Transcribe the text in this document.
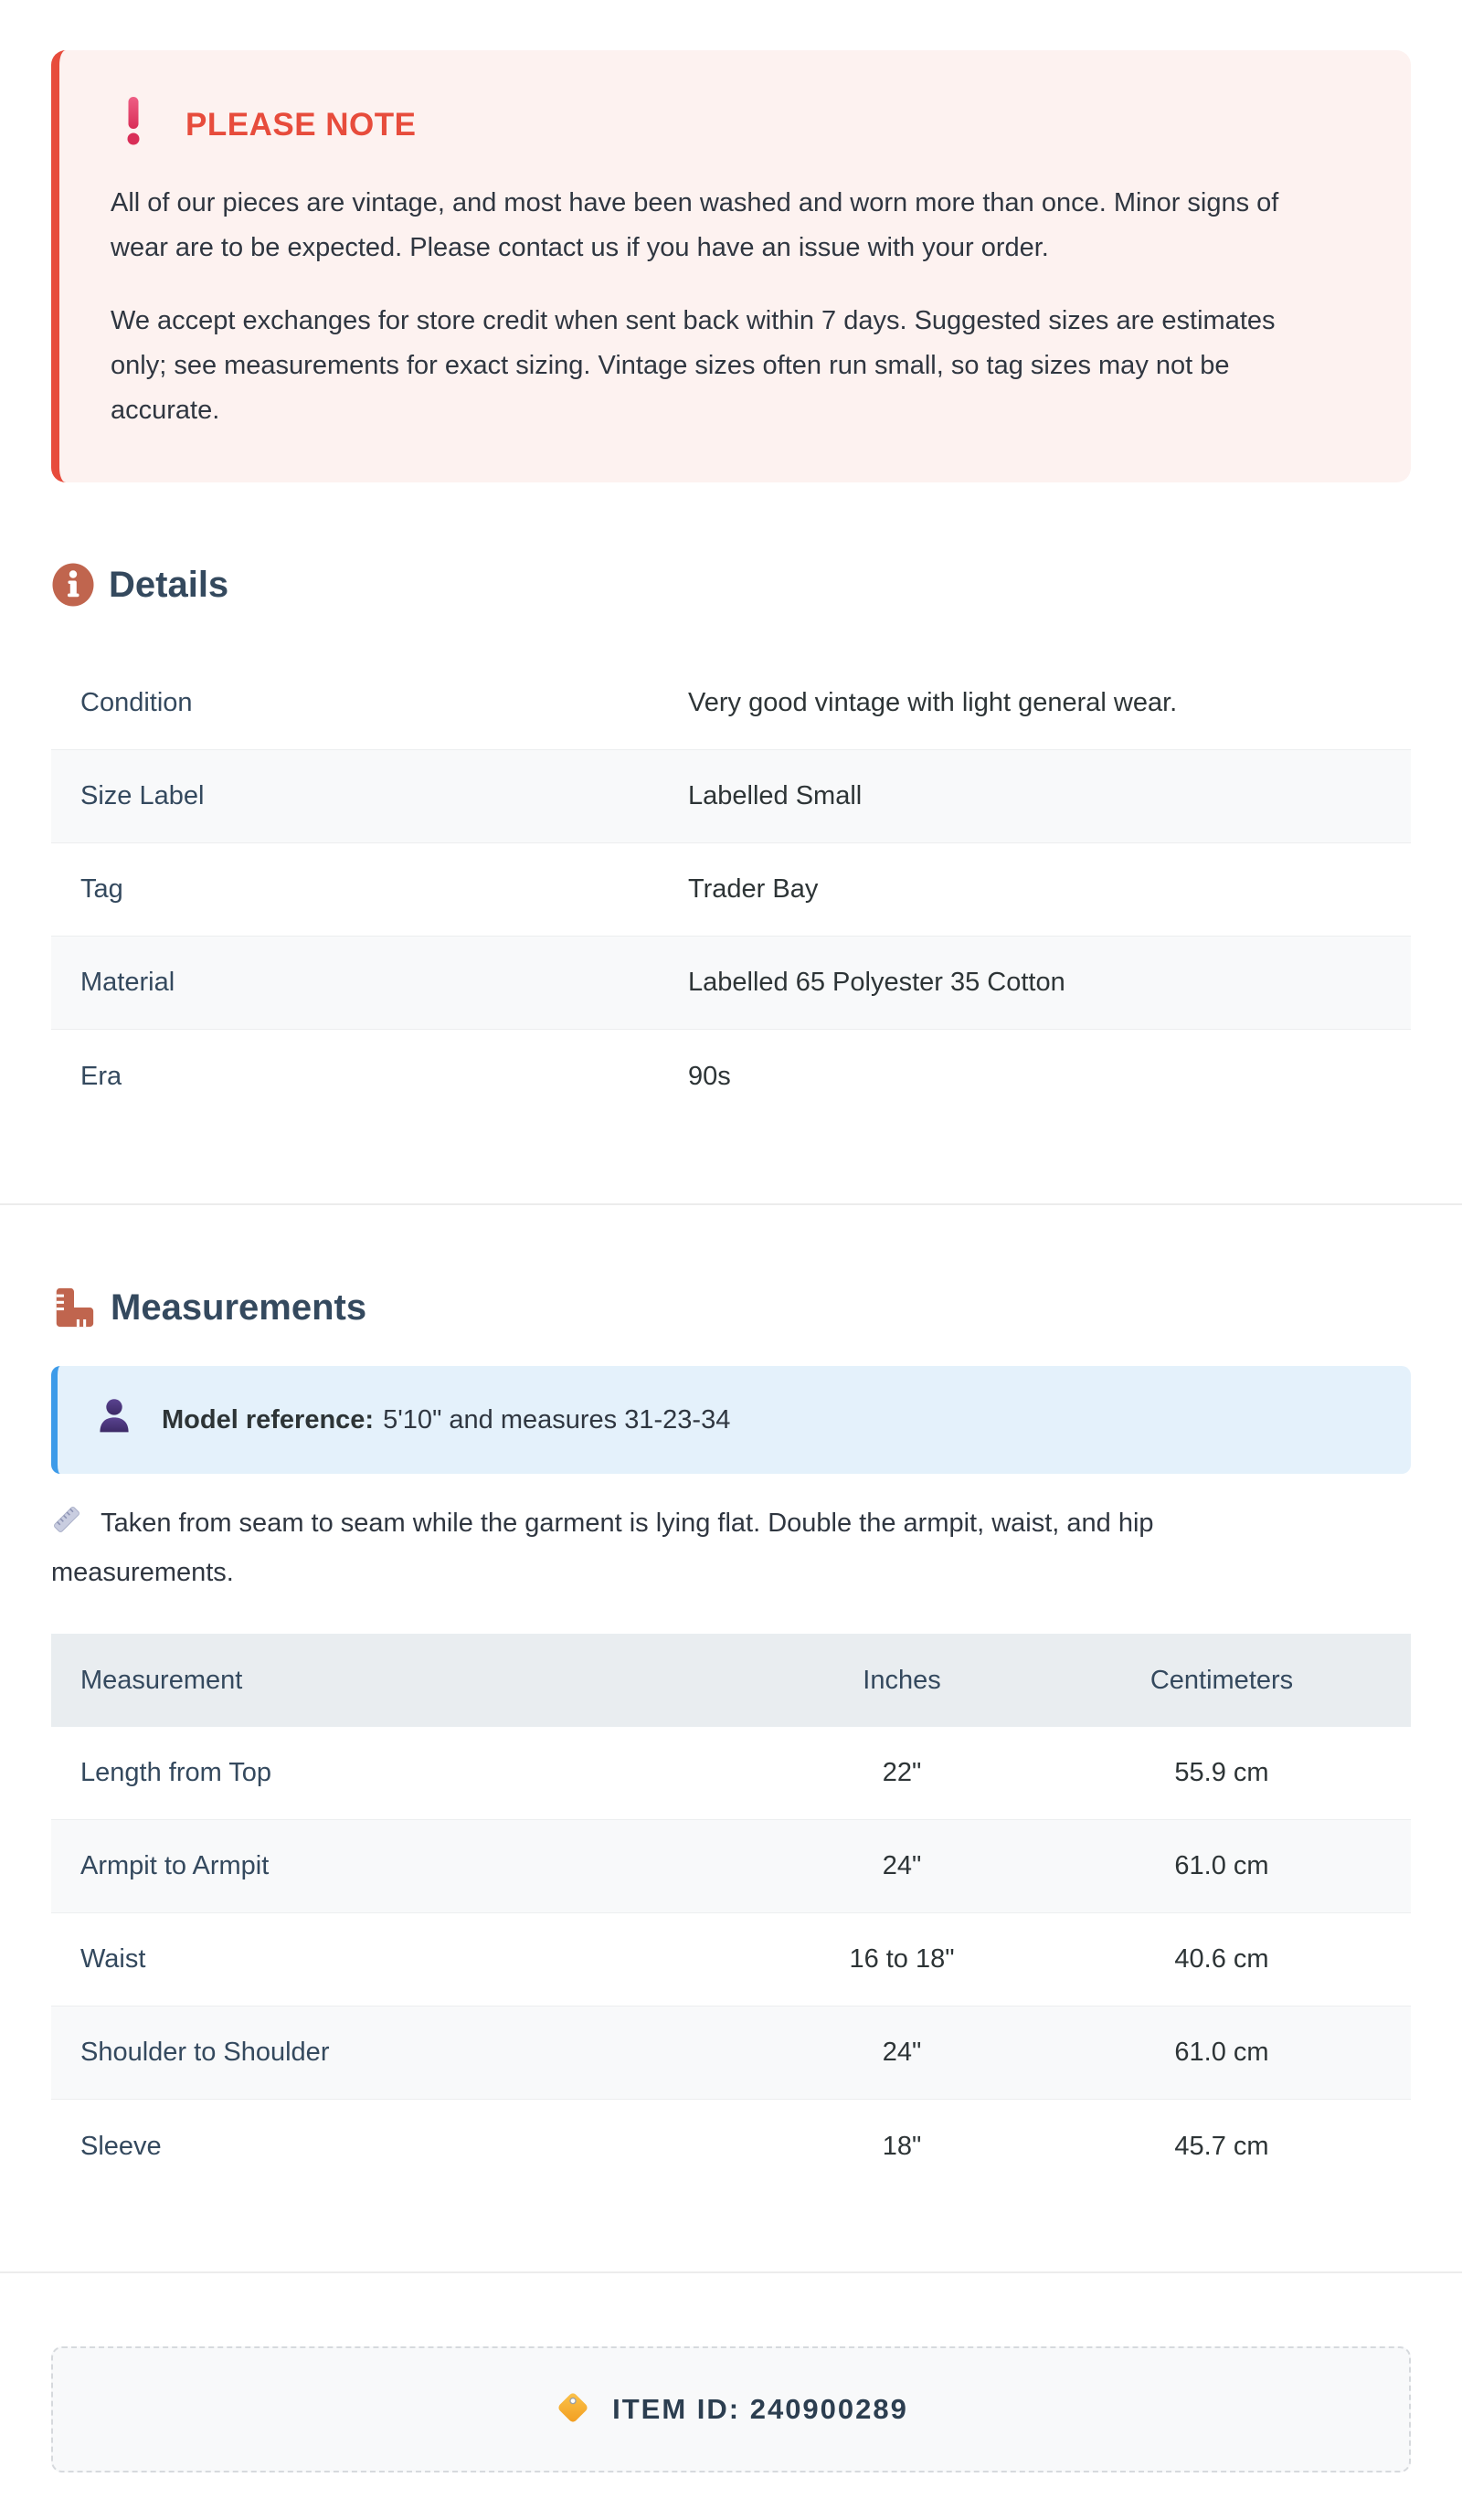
PLEASE NOTE

All of our pieces are vintage, and most have been washed and worn more than once. Minor signs of wear are to be expected. Please contact us if you have an issue with your order.

We accept exchanges for store credit when sent back within 7 days. Suggested sizes are estimates only; see measurements for exact sizing. Vintage sizes often run small, so tag sizes may not be accurate.

Details
Condition	Very good vintage with light general wear.
Size Label	Labelled Small
Tag	Trader Bay
Material	Labelled 65 Polyester 35 Cotton
Era	90s
Measurements
Model reference: 5'10" and measures 31-23-34
Taken from seam to seam while the garment is lying flat. Double the armpit, waist, and hip measurements.
Measurement	Inches	Centimeters
Length from Top	22"	55.9 cm
Armpit to Armpit	24"	61.0 cm
Waist	16 to 18"	40.6 cm
Shoulder to Shoulder	24"	61.0 cm
Sleeve	18"	45.7 cm
ITEM ID: 240900289
